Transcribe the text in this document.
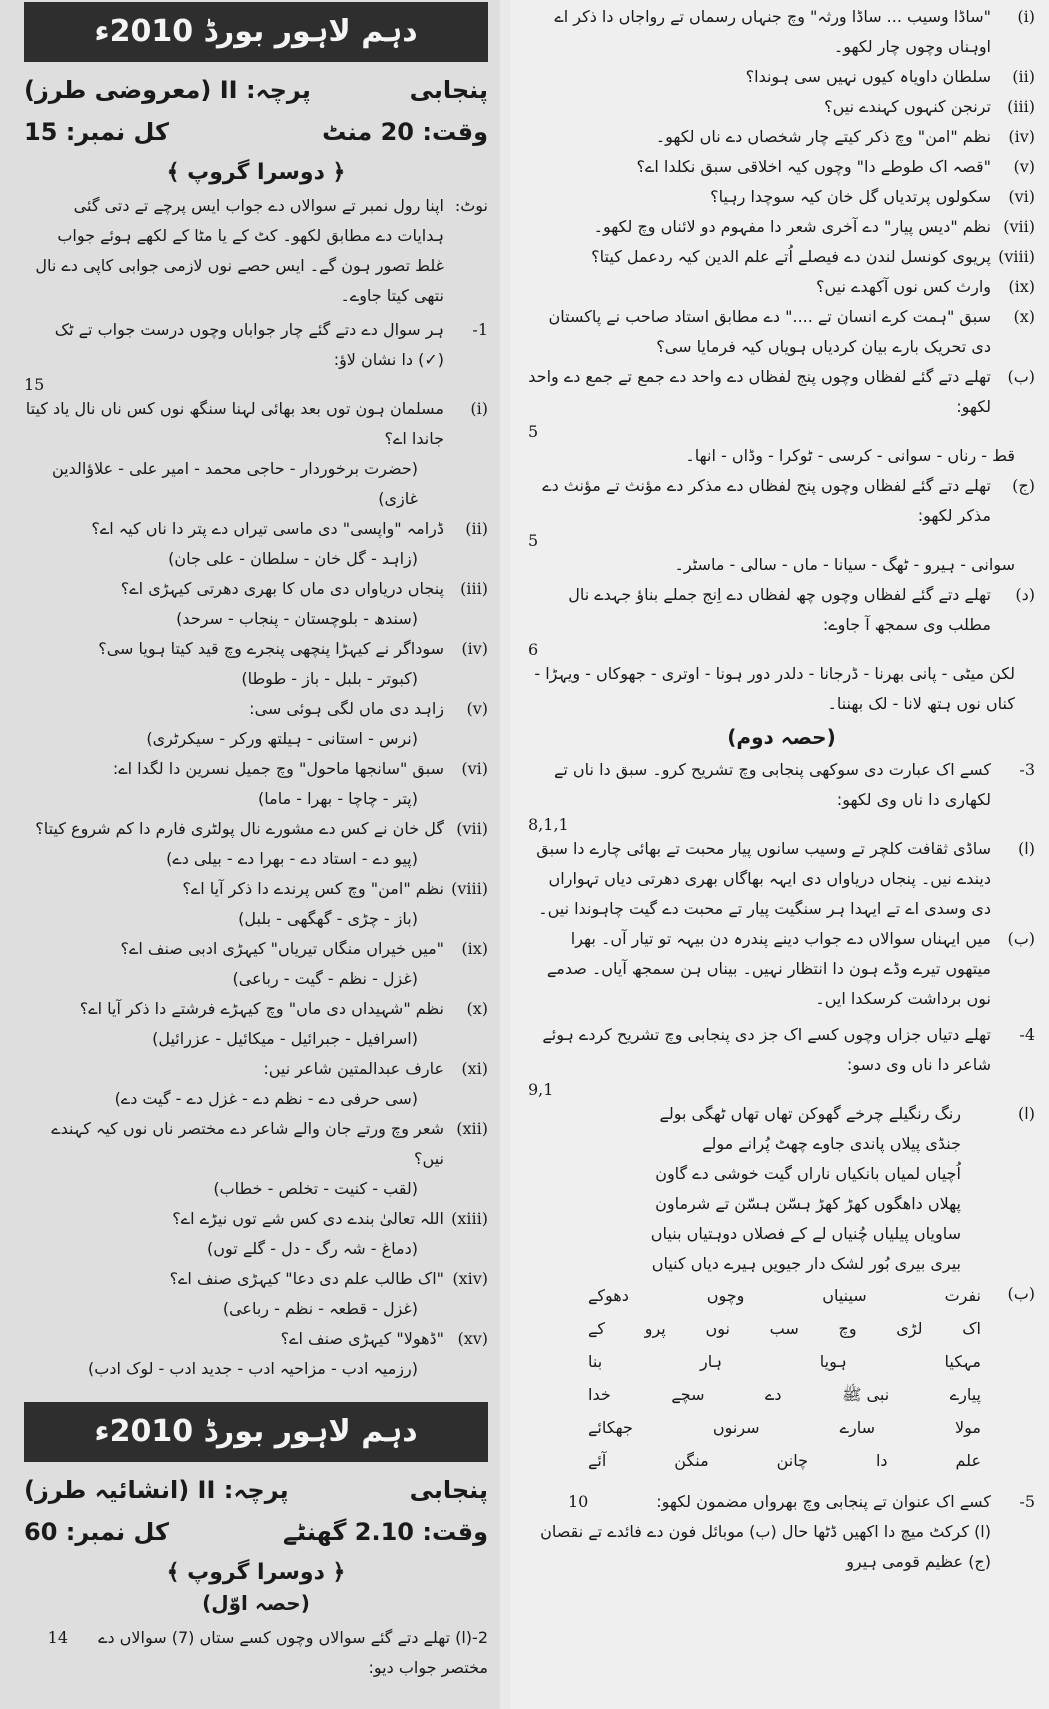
دہم لاہور بورڈ 2010ء
پنجابی
پرچہ: II (معروضی طرز)
وقت: 20 منٹ
کل نمبر: 15
﴿ دوسرا گروپ ﴾
نوٹ:
اپنا رول نمبر تے سوالاں دے جواب ایس پرچے تے دتی گئی ہدایات دے مطابق لکھو۔ کٹ کے یا مٹا کے لکھے ہوئے جواب غلط تصور ہون گے۔ ایس حصے نوں لازمی جوابی کاپی دے نال نتھی کیتا جاوے۔
-1
ہر سوال دے دتے گئے چار جواباں وچوں درست جواب تے ٹک (✓) دا نشان لاؤ:
15
(i)
مسلمان ہون توں بعد بھائی لہنا سنگھ نوں کس ناں نال یاد کیتا جاندا اے؟
(حضرت برخوردار - حاجی محمد - امیر علی - علاؤالدین غازی)
(ii)
ڈرامہ "واپسی" دی ماسی تیراں دے پتر دا ناں کیہ اے؟
(زاہد - گل خان - سلطان - علی جان)
(iii)
پنجاں دریاواں دی ماں کا بھری دھرتی کیہڑی اے؟
(سندھ - بلوچستان - پنجاب - سرحد)
(iv)
سوداگر نے کیہڑا پنچھی پنجرے وچ قید کیتا ہویا سی؟
(کبوتر - بلبل - باز - طوطا)
(v)
زاہد دی ماں لگی ہوئی سی:
(نرس - استانی - ہیلتھ ورکر - سیکرٹری)
(vi)
سبق "سانجھا ماحول" وچ جمیل نسرین دا لگدا اے:
(پتر - چاچا - بھرا - ماما)
(vii)
گل خان نے کس دے مشورے نال پولٹری فارم دا کم شروع کیتا؟
(پیو دے - استاد دے - بھرا دے - بیلی دے)
(viii)
نظم "امن" وچ کس پرندے دا ذکر آیا اے؟
(باز - چڑی - گھگھی - بلبل)
(ix)
"میں خیراں منگاں تیریاں" کیہڑی ادبی صنف اے؟
(غزل - نظم - گیت - رباعی)
(x)
نظم "شہیداں دی ماں" وچ کیہڑے فرشتے دا ذکر آیا اے؟
(اسرافیل - جبرائیل - میکائیل - عزرائیل)
(xi)
عارف عبدالمتین شاعر نیں:
(سی حرفی دے - نظم دے - غزل دے - گیت دے)
(xii)
شعر وچ ورتے جان والے شاعر دے مختصر ناں نوں کیہ کہندے نیں؟
(لقب - کنیت - تخلص - خطاب)
(xiii)
اللہ تعالیٰ بندے دی کس شے توں نیڑے اے؟
(دماغ - شہ رگ - دل - گلے توں)
(xiv)
"اک طالب علم دی دعا" کیہڑی صنف اے؟
(غزل - قطعہ - نظم - رباعی)
(xv)
"ڈھولا" کیہڑی صنف اے؟
(رزمیہ ادب - مزاحیہ ادب - جدید ادب - لوک ادب)
دہم لاہور بورڈ 2010ء
پنجابی
پرچہ: II (انشائیہ طرز)
وقت: 2.10 گھنٹے
کل نمبر: 60
﴿ دوسرا گروپ ﴾
(حصہ اوّل)
2-(ا) تھلے دتے گئے سوالاں وچوں کسے ستاں (7) سوالاں دے مختصر جواب دیو:
14
(i)
"ساڈا وسیب ... ساڈا ورثہ" وچ جنہاں رسماں تے رواجاں دا ذکر اے اوہناں وچوں چار لکھو۔
(ii)
سلطان داویاہ کیوں نہیں سی ہوندا؟
(iii)
ترنجن کنہوں کہندے نیں؟
(iv)
نظم "امن" وچ ذکر کیتے چار شخصاں دے ناں لکھو۔
(v)
"قصہ اک طوطے دا" وچوں کیہ اخلاقی سبق نکلدا اے؟
(vi)
سکولوں پرتدیاں گل خان کیہ سوچدا رہیا؟
(vii)
نظم "دیس پیار" دے آخری شعر دا مفہوم دو لائناں وچ لکھو۔
(viii)
پریوی کونسل لندن دے فیصلے اُتے علم الدین کیہ ردعمل کیتا؟
(ix)
وارث کس نوں آکھدے نیں؟
(x)
سبق "ہمت کرے انسان تے ...." دے مطابق استاد صاحب نے پاکستان دی تحریک بارے بیان کردیاں ہویاں کیہ فرمایا سی؟
(ب)
تھلے دتے گئے لفظاں وچوں پنج لفظاں دے واحد دے جمع تے جمع دے واحد لکھو:
5
قط - رناں - سوانی - کرسی - ٹوکرا - وڈاں - انھا۔
(ج)
تھلے دتے گئے لفظاں وچوں پنج لفظاں دے مذکر دے مؤنث تے مؤنث دے مذکر لکھو:
5
سوانی - ہیرو - ٹھگ - سیانا - ماں - سالی - ماسٹر۔
(د)
تھلے دتے گئے لفظاں وچوں چھ لفظاں دے اِنج جملے بناؤ جہدے نال مطلب وی سمجھ آ جاوے:
6
لکن میٹی - پانی بھرنا - ڈرجانا - دلدر دور ہونا - اوتری - جھوکاں - ویہڑا - کناں نوں ہتھ لانا - لک بھننا۔
(حصہ دوم)
-3
کسے اک عبارت دی سوکھی پنجابی وچ تشریح کرو۔ سبق دا ناں تے لکھاری دا ناں وی لکھو:
8,1,1
(ا)
ساڈی ثقافت کلچر تے وسیب سانوں پیار محبت تے بھائی چارے دا سبق دیندے نیں۔ پنجاں دریاواں دی ایہہ بھاگاں بھری دھرتی دیاں تہواراں دی وسدی اے تے ایہدا ہر سنگیت پیار تے محبت دے گیت چاہوندا نیں۔
(ب)
میں ایہناں سوالاں دے جواب دینے پندرہ دن بیہہ تو تیار آں۔ بھرا میتھوں تیرے وڈے ہون دا انتظار نہیں۔ بیناں ہن سمجھ آیاں۔ صدمے نوں برداشت کرسکدا ایں۔
-4
تھلے دتیاں جزاں وچوں کسے اک جز دی پنجابی وچ تشریح کردے ہوئے شاعر دا ناں وی دسو:
9,1
(ا)
رنگ رنگیلے چرخے گھوکن تھاں تھاں ٹھگی بولے
جنڈی پیلاں پاندی جاوے چھٹ پُرانے مولے
اُچیاں لمیاں بانکیاں ناراں گیت خوشی دے گاون
پھلاں داھگوں کھڑ کھڑ ہسّن ہسّن تے شرماون
ساویاں پیلیاں چُنیاں لے کے فصلاں دوہتیاں بنیاں
بیری بیری بُور لشک دار جیویں ہیرے دیاں کنیاں
(ب)
نفرت
سینیاں
وچوں
دھوکے
اک
لڑی
وچ
سب
نوں
پرو
کے
مہکیا
ہویا
ہار
بنا
پیارے
نبی ﷺ
دے
سچے
خدا
مولا
سارے
سرنوں
جھکائے
علم
دا
چانن
منگن
آئے
-5
کسے اک عنوان تے پنجابی وچ بھرواں مضمون لکھو:
10
(ا) کرکٹ میچ دا اکھیں ڈٹھا حال (ب) موبائل فون دے فائدے تے نقصان
(ج) عظیم قومی ہیرو
